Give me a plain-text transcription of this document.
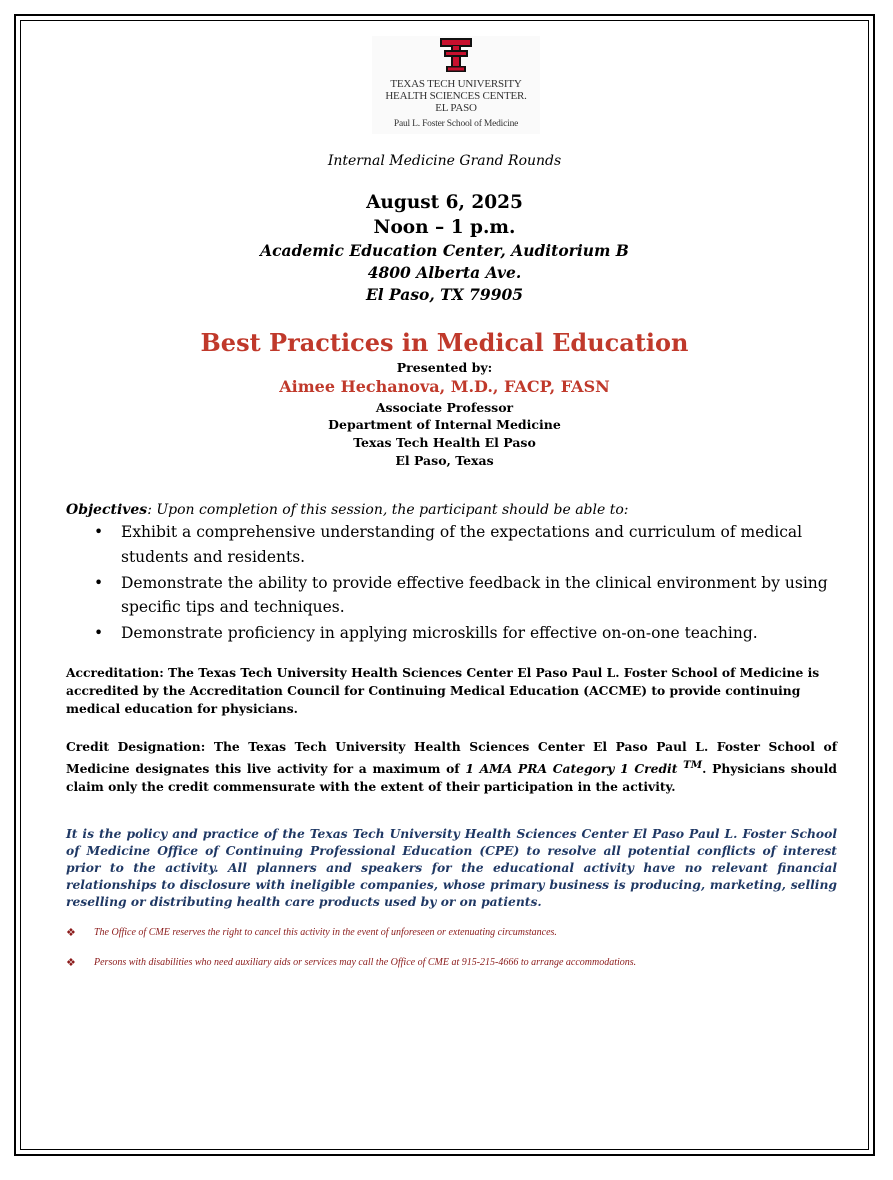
TEXAS TECH UNIVERSITY
HEALTH SCIENCES CENTER.
EL PASO
Paul L. Foster School of Medicine
Internal Medicine Grand Rounds
August 6, 2025
Noon – 1 p.m.
Academic Education Center, Auditorium B
4800 Alberta Ave.
El Paso, TX 79905
Best Practices in Medical Education
Presented by:
Aimee Hechanova, M.D., FACP, FASN
Associate Professor
Department of Internal Medicine
Texas Tech Health El Paso
El Paso, Texas
Objectives: Upon completion of this session, the participant should be able to:
• Exhibit a comprehensive understanding of the expectations and curriculum of medical students and residents.
• Demonstrate the ability to provide effective feedback in the clinical environment by using specific tips and techniques.
• Demonstrate proficiency in applying microskills for effective on-on-one teaching.
Accreditation: The Texas Tech University Health Sciences Center El Paso Paul L. Foster School of Medicine is accredited by the Accreditation Council for Continuing Medical Education (ACCME) to provide continuing medical education for physicians.
Credit Designation: The Texas Tech University Health Sciences Center El Paso Paul L. Foster School of Medicine designates this live activity for a maximum of 1 AMA PRA Category 1 Credit ™. Physicians should claim only the credit commensurate with the extent of their participation in the activity.
It is the policy and practice of the Texas Tech University Health Sciences Center El Paso Paul L. Foster School of Medicine Office of Continuing Professional Education (CPE) to resolve all potential conflicts of interest prior to the activity. All planners and speakers for the educational activity have no relevant financial relationships to disclosure with ineligible companies, whose primary business is producing, marketing, selling reselling or distributing health care products used by or on patients.
❖ The Office of CME reserves the right to cancel this activity in the event of unforeseen or extenuating circumstances.
❖ Persons with disabilities who need auxiliary aids or services may call the Office of CME at 915-215-4666 to arrange accommodations.
